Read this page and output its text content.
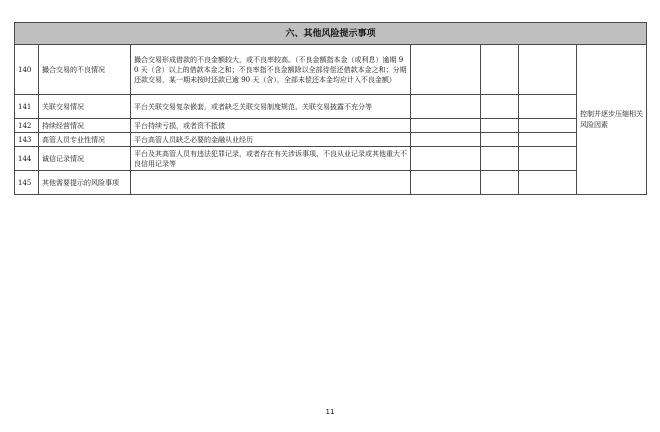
六、其他风险提示事项						
140	撮合交易的不良情况	撮合交易形成借款的不良金额较大，或不良率较高。（不良金额指本金（或利息）逾期 90 天（含）以上的借款本金之和；不良率指不良金额除以全部待偿还借款本金之和；分期还款交易，某一期未按时还款已逾 90 天（含），全部未偿还本金均应计入不良金额）				控制并逐步压缩相关风险因素
141	关联交易情况	平台关联交易复杂嵌套，或者缺乏关联交易制度规范、关联交易披露不充分等				
142	持续经营情况	平台持续亏损，或者资不抵债				
143	高管人员专业性情况	平台高管人员缺乏必要的金融从业经历				
144	诚信记录情况	平台及其高管人员有违法犯罪记录，或者存在有关涉诉事项、不良从业记录或其他重大不良信用记录等				
145	其他需要提示的风险事项					
11
